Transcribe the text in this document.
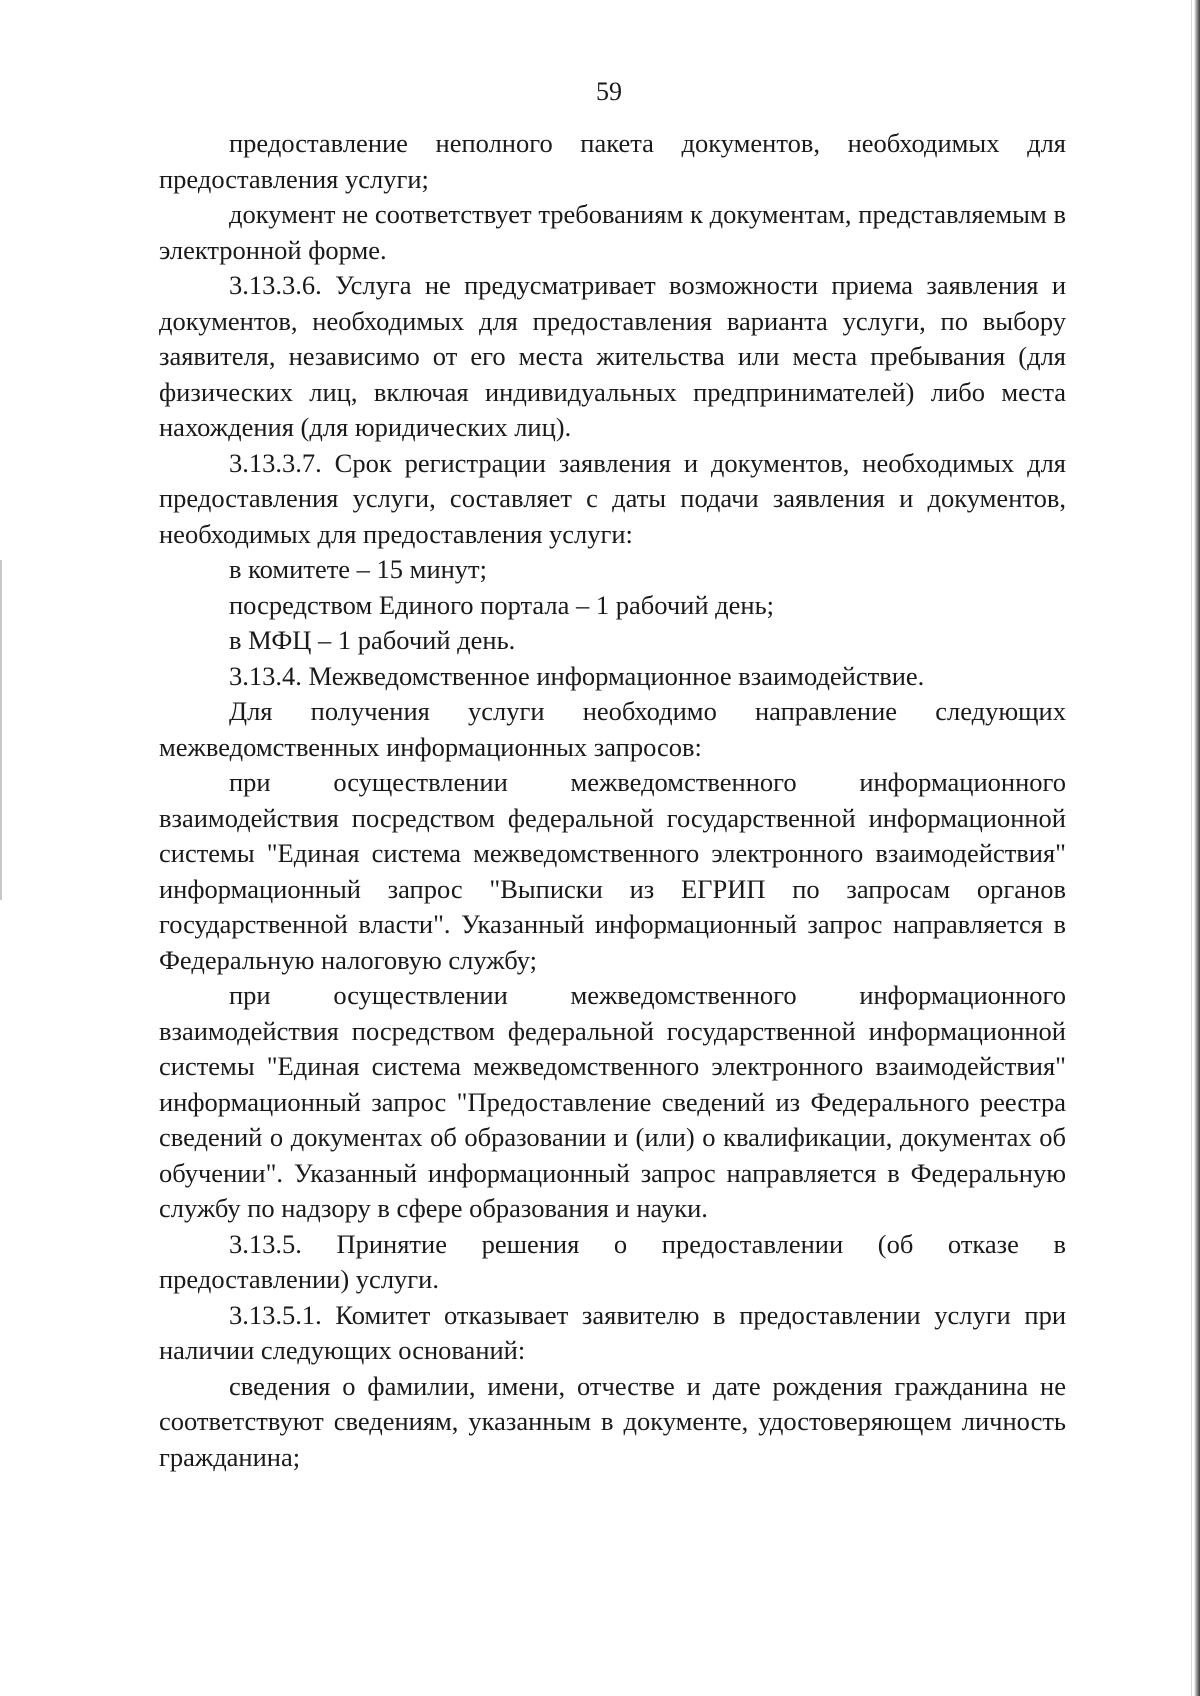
59

предоставление неполного пакета документов, необходимых для предоставления услуги;

документ не соответствует требованиям к документам, представляемым в электронной форме.

3.13.3.6. Услуга не предусматривает возможности приема заявления и документов, необходимых для предоставления варианта услуги, по выбору заявителя, независимо от его места жительства или места пребывания (для физических лиц, включая индивидуальных предпринимателей) либо места нахождения (для юридических лиц).

3.13.3.7. Срок регистрации заявления и документов, необходимых для предоставления услуги, составляет с даты подачи заявления и документов, необходимых для предоставления услуги:

в комитете – 15 минут;

посредством Единого портала – 1 рабочий день;

в МФЦ – 1 рабочий день.

3.13.4. Межведомственное информационное взаимодействие.

Для получения услуги необходимо направление следующих межведомственных информационных запросов:

при осуществлении межведомственного информационного взаимодействия посредством федеральной государственной информационной системы "Единая система межведомственного электронного взаимодействия" информационный запрос "Выписки из ЕГРИП по запросам органов государственной власти". Указанный информационный запрос направляется в Федеральную налоговую службу;

при осуществлении межведомственного информационного взаимодействия посредством федеральной государственной информационной системы "Единая система межведомственного электронного взаимодействия" информационный запрос "Предоставление сведений из Федерального реестра сведений о документах об образовании и (или) о квалификации, документах об обучении". Указанный информационный запрос направляется в Федеральную службу по надзору в сфере образования и науки.

3.13.5. Принятие решения о предоставлении (об отказе в предоставлении) услуги.

3.13.5.1. Комитет отказывает заявителю в предоставлении услуги при наличии следующих оснований:

сведения о фамилии, имени, отчестве и дате рождения гражданина не соответствуют сведениям, указанным в документе, удостоверяющем личность гражданина;
